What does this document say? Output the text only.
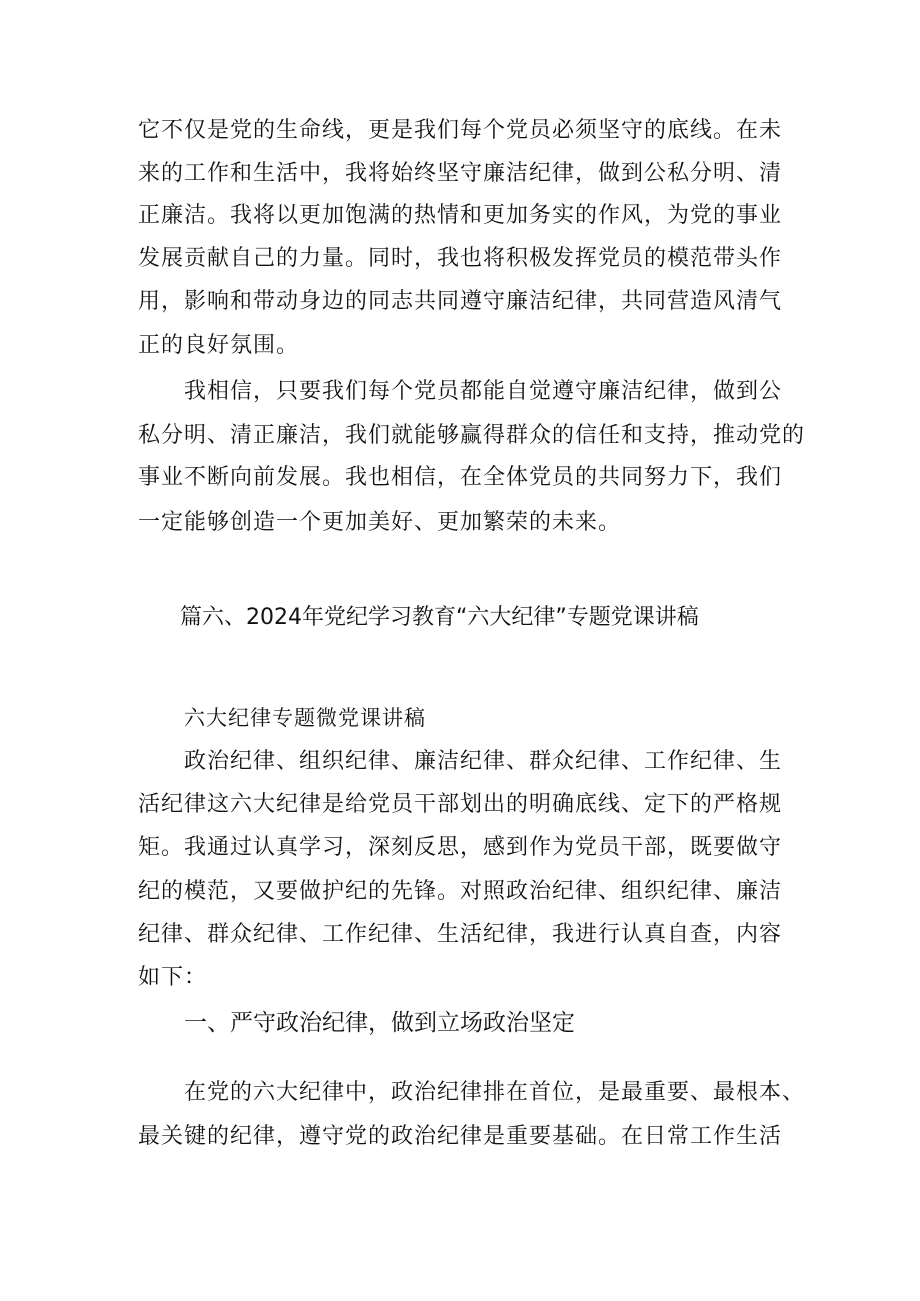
它不仅是党的生命线，更是我们每个党员必须坚守的底线。在未
来的工作和生活中，我将始终坚守廉洁纪律，做到公私分明、清
正廉洁。我将以更加饱满的热情和更加务实的作风，为党的事业
发展贡献自己的力量。同时，我也将积极发挥党员的模范带头作
用，影响和带动身边的同志共同遵守廉洁纪律，共同营造风清气
正的良好氛围。
我相信，只要我们每个党员都能自觉遵守廉洁纪律，做到公
私分明、清正廉洁，我们就能够赢得群众的信任和支持，推动党的
事业不断向前发展。我也相信，在全体党员的共同努力下，我们
一定能够创造一个更加美好、更加繁荣的未来。
篇六、2024年党纪学习教育“六大纪律”专题党课讲稿
六大纪律专题微党课讲稿
政治纪律、组织纪律、廉洁纪律、群众纪律、工作纪律、生
活纪律这六大纪律是给党员干部划出的明确底线、定下的严格规
矩。我通过认真学习，深刻反思，感到作为党员干部，既要做守
纪的模范，又要做护纪的先锋。对照政治纪律、组织纪律、廉洁
纪律、群众纪律、工作纪律、生活纪律，我进行认真自查，内容
如下：
一、严守政治纪律，做到立场政治坚定
在党的六大纪律中，政治纪律排在首位，是最重要、最根本、
最关键的纪律，遵守党的政治纪律是重要基础。在日常工作生活
